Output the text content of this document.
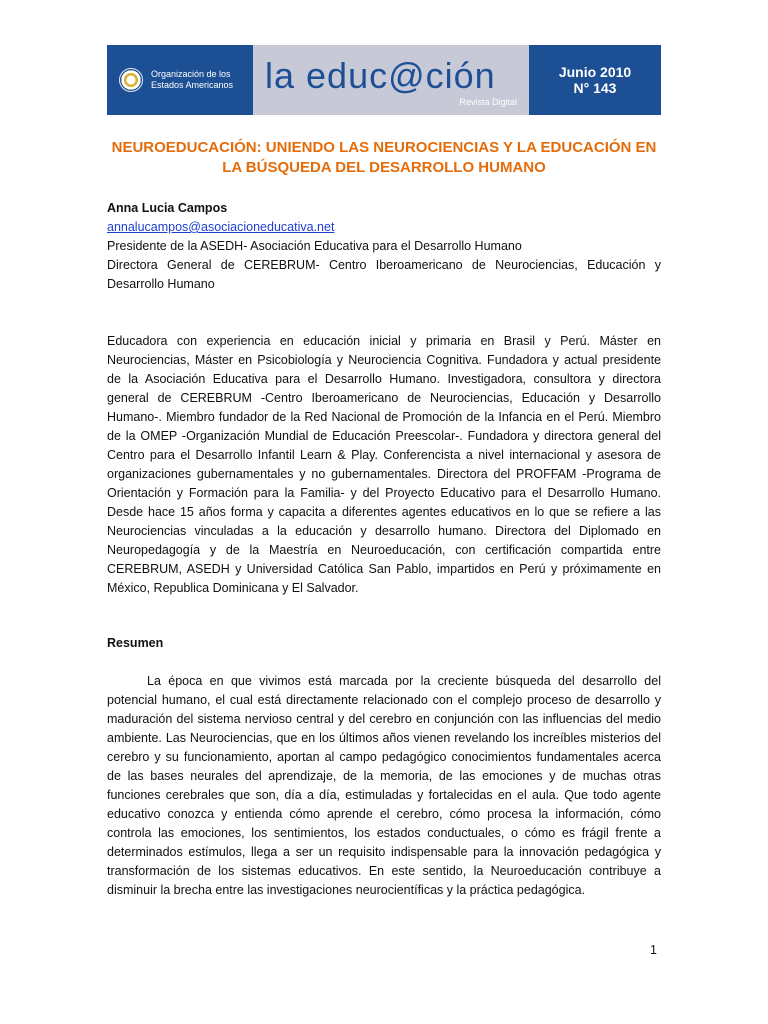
Organización de los
Estados Americanos la educ@ción
Revista Digital
Junio 2010
N° 143
NEUROEDUCACIÓN: UNIENDO LAS NEUROCIENCIAS Y LA EDUCACIÓN EN LA BÚSQUEDA DEL DESARROLLO HUMANO
Anna Lucia Campos
annalucampos@asociacioneducativa.net
Presidente de la ASEDH- Asociación Educativa para el Desarrollo Humano
Directora General de CEREBRUM- Centro Iberoamericano de Neurociencias, Educación y Desarrollo Humano
Educadora con experiencia en educación inicial y primaria en Brasil y Perú. Máster en Neurociencias, Máster en Psicobiología y Neurociencia Cognitiva. Fundadora y actual presidente de la Asociación Educativa para el Desarrollo Humano. Investigadora, consultora y directora general de CEREBRUM -Centro Iberoamericano de Neurociencias, Educación y Desarrollo Humano-. Miembro fundador de la Red Nacional de Promoción de la Infancia en el Perú. Miembro de la OMEP -Organización Mundial de Educación Preescolar-. Fundadora y directora general del Centro para el Desarrollo Infantil Learn & Play. Conferencista a nivel internacional y asesora de organizaciones gubernamentales y no gubernamentales. Directora del PROFFAM -Programa de Orientación y Formación para la Familia- y del Proyecto Educativo para el Desarrollo Humano. Desde hace 15 años forma y capacita a diferentes agentes educativos en lo que se refiere a las Neurociencias vinculadas a la educación y desarrollo humano. Directora del Diplomado en Neuropedagogía y de la Maestría en Neuroeducación, con certificación compartida entre CEREBRUM, ASEDH y Universidad Católica San Pablo, impartidos en Perú y próximamente en México, Republica Dominicana y El Salvador.
Resumen
La época en que vivimos está marcada por la creciente búsqueda del desarrollo del potencial humano, el cual está directamente relacionado con el complejo proceso de desarrollo y maduración del sistema nervioso central y del cerebro en conjunción con las influencias del medio ambiente. Las Neurociencias, que en los últimos años vienen revelando los increíbles misterios del cerebro y su funcionamiento, aportan al campo pedagógico conocimientos fundamentales acerca de las bases neurales del aprendizaje, de la memoria, de las emociones y de muchas otras funciones cerebrales que son, día a día, estimuladas y fortalecidas en el aula. Que todo agente educativo conozca y entienda cómo aprende el cerebro, cómo procesa la información, cómo controla las emociones, los sentimientos, los estados conductuales, o cómo es frágil frente a determinados estímulos, llega a ser un requisito indispensable para la innovación pedagógica y transformación de los sistemas educativos. En este sentido, la Neuroeducación contribuye a disminuir la brecha entre las investigaciones neurocientíficas y la práctica pedagógica.
1
